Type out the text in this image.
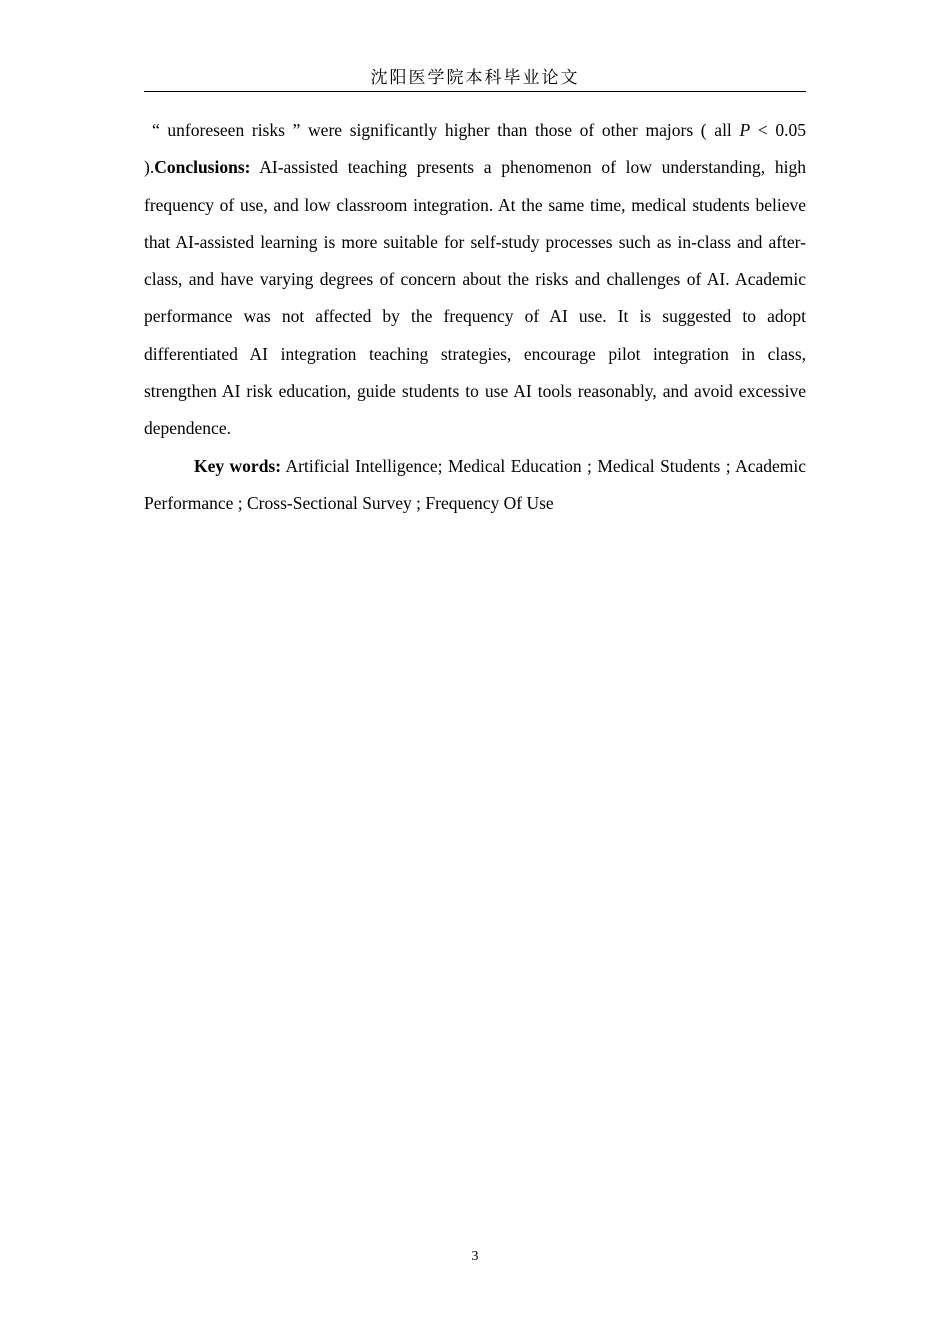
沈阳医学院本科毕业论文

“ unforeseen risks ” were significantly higher than those of other majors ( all P < 0.05 ).Conclusions: AI-assisted teaching presents a phenomenon of low understanding, high frequency of use, and low classroom integration. At the same time, medical students believe that AI-assisted learning is more suitable for self-study processes such as in-class and after-class, and have varying degrees of concern about the risks and challenges of AI. Academic performance was not affected by the frequency of AI use. It is suggested to adopt differentiated AI integration teaching strategies, encourage pilot integration in class, strengthen AI risk education, guide students to use AI tools reasonably, and avoid excessive dependence.

Key words: Artificial Intelligence; Medical Education ; Medical Students ; Academic Performance ; Cross-Sectional Survey ; Frequency Of Use

3
